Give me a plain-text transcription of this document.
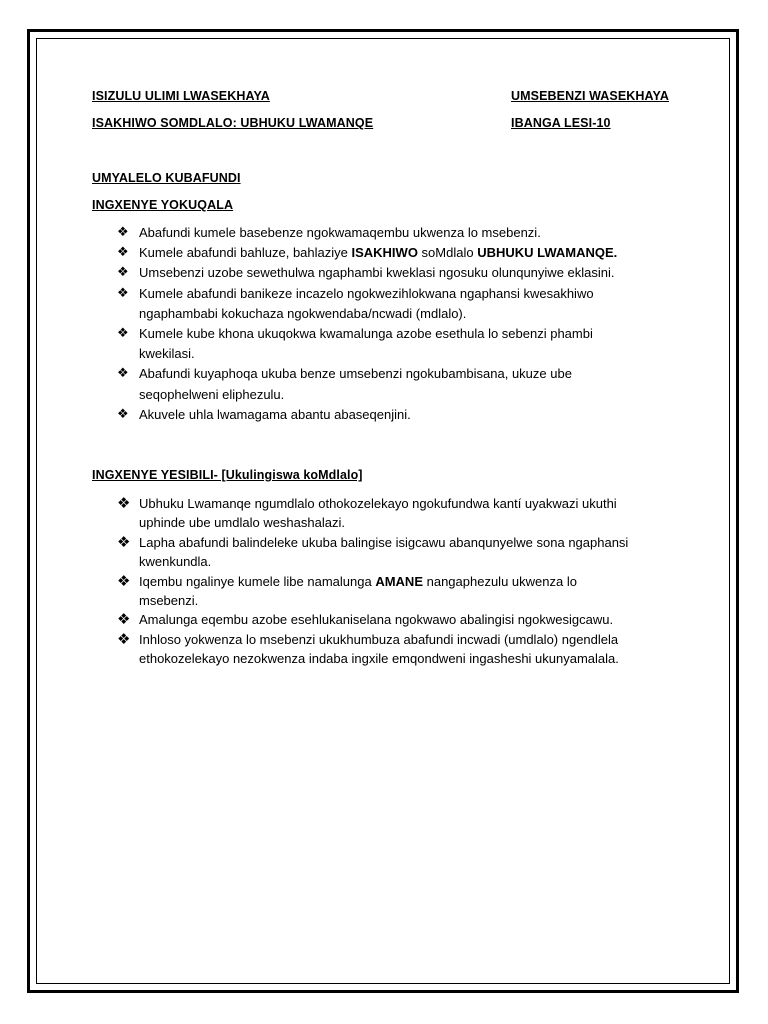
ISIZULU ULIMI LWASEKHAYA	UMSEBENZI WASEKHAYA
ISAKHIWO SOMDLALO: UBHUKU LWAMANQE	IBANGA LESI-10
UMYALELO KUBAFUNDI
INGXENYE YOKUQALA
❖ Abafundi kumele basebenze ngokwamaqembu ukwenza lo msebenzi.
❖ Kumele abafundi bahluze, bahlaziye ISAKHIWO soMdlalo UBHUKU LWAMANQE.
❖ Umsebenzi uzobe sewethulwa ngaphambi kweklasi ngosuku olunqunyiwe eklasini.
❖ Kumele abafundi banikeze incazelo ngokwezihlokwana ngaphansi kwesakhiwo
ngaphambabi kokuchaza ngokwendaba/ncwadi (mdlalo).
❖ Kumele kube khona ukuqokwa kwamalunga azobe esethula lo sebenzi phambi
kwekilasi.
❖ Abafundi kuyaphoqa ukuba benze umsebenzi ngokubambisana, ukuze ube
seqophelweni eliphezulu.
❖ Akuvele uhla lwamagama abantu abaseqenjini.
INGXENYE YESIBILI- [Ukulingiswa koMdlalo]
❖ Ubhuku Lwamanqe ngumdlalo othokozelekayo ngokufundwa kantí uyakwazi ukuthi
uphinde ube umdlalo weshashalazi.
❖ Lapha abafundi balindeleke ukuba balingise isigcawu abanqunyelwe sona ngaphansi
kwenkundla.
❖ Iqembu ngalinye kumele libe namalunga AMANE nangaphezulu ukwenza lo
msebenzi.
❖ Amalunga eqembu azobe esehlukaniselana ngokwawo abalingisi ngokwesigcawu.
❖ Inhloso yokwenza lo msebenzi ukukhumbuza abafundi incwadi (umdlalo) ngendlela
ethokozelekayo nezokwenza indaba ingxile emqondweni ingasheshi ukunyamalala.
